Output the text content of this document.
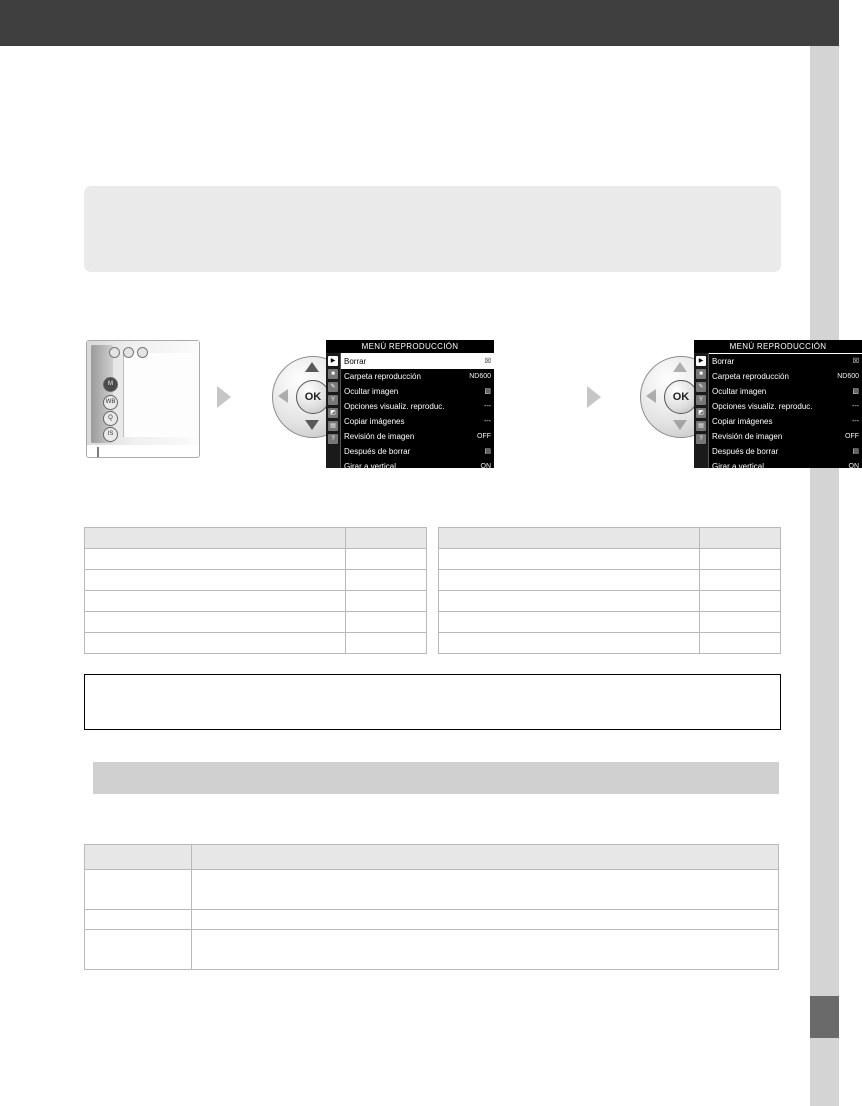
M
WB
Q
IS
OK
MENÚ REPRODUCCIÓN
▶
■
✎
Y
◩
▤
?
Borrar	☒
Carpeta reproducción	ND600
Ocultar imagen	▧
Opciones visualiz. reproduc.	---
Copiar imágenes	---
Revisión de imagen	OFF
Después de borrar	▤
Girar a vertical	ON
OK
MENÚ REPRODUCCIÓN
▶
■
✎
Y
◩
▤
?
Borrar	☒
Carpeta reproducción	ND600
Ocultar imagen	▧
Opciones visualiz. reproduc.	---
Copiar imágenes	---
Revisión de imagen	OFF
Después de borrar	▤
Girar a vertical	ON
